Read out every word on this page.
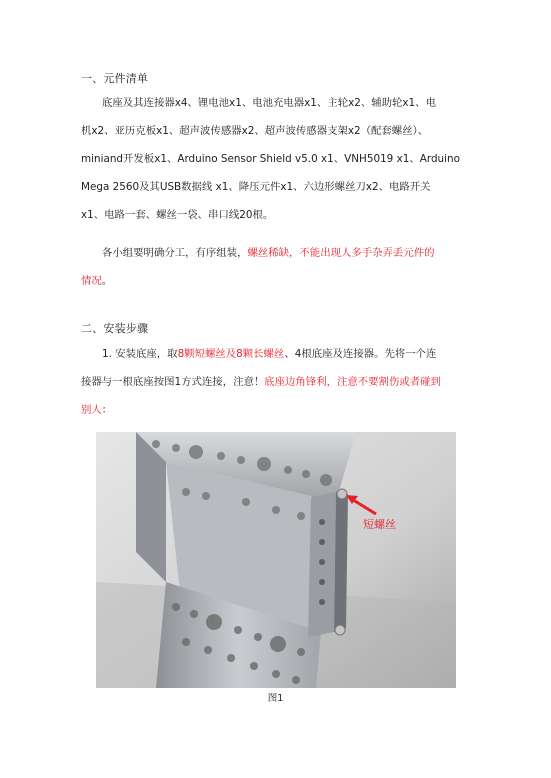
一、元件清单
底座及其连接器x4、锂电池x1、电池充电器x1、主轮x2、辅助轮x1、电
机x2、亚历克板x1、超声波传感器x2、超声波传感器支架x2（配套螺丝）、
miniand开发板x1、Arduino Sensor Shield v5.0 x1、VNH5019 x1、Arduino
Mega 2560及其USB数据线 x1、降压元件x1、六边形螺丝刀x2、电路开关
x1、电路一套、螺丝一袋、串口线20根。
各小组要明确分工，有序组装，螺丝稀缺，不能出现人多手杂弄丢元件的
情况。
二、安装步骤
1. 安装底座，取8颗短螺丝及8颗长螺丝、4根底座及连接器。先将一个连
接器与一根底座按图1方式连接，注意！底座边角锋利，注意不要割伤或者碰到
别人：
短螺丝
图1
